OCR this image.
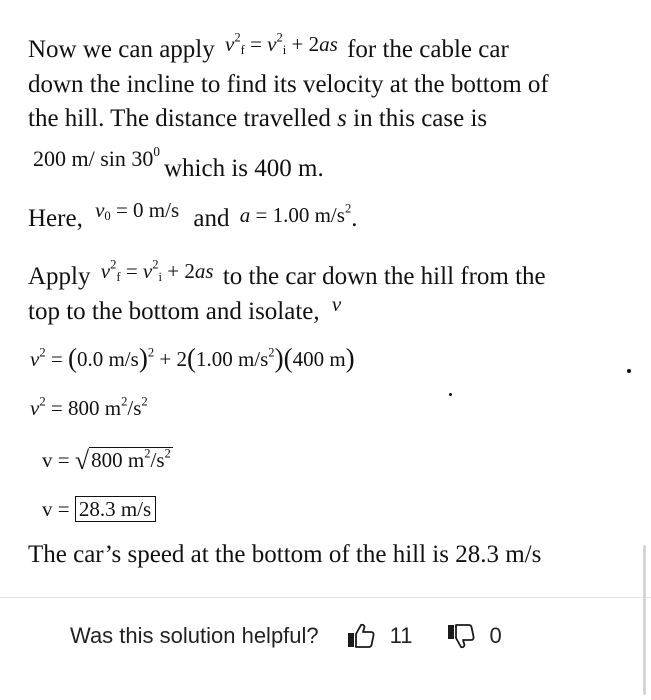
Now we can apply $^{v^2_f = v^2_i + 2as}$ for the cable car
down the incline to find its velocity at the bottom of
the hill. The distance travelled s in this case is
200 m/ $\sin 30^0$ which is 400 m.
Here, $^{v_0 = 0 m/s}$ and a = 1.00 $m/s^2$.
Apply $^{v^2_f = v^2_i + 2as}$ to the car down the hill from the
top to the bottom and isolate, $^v$
$v^2 = (0.0$ m/s)$^2$ + 2(1.00 $m/s^2)(400$ m)
$v^2 = 800$ $m^2/s^2$
v = √800 $m^2/s^2$
v = 28.3 m/s
The car’s speed at the bottom of the hill is 28.3 m/s
Was this solution helpful?	11	0
